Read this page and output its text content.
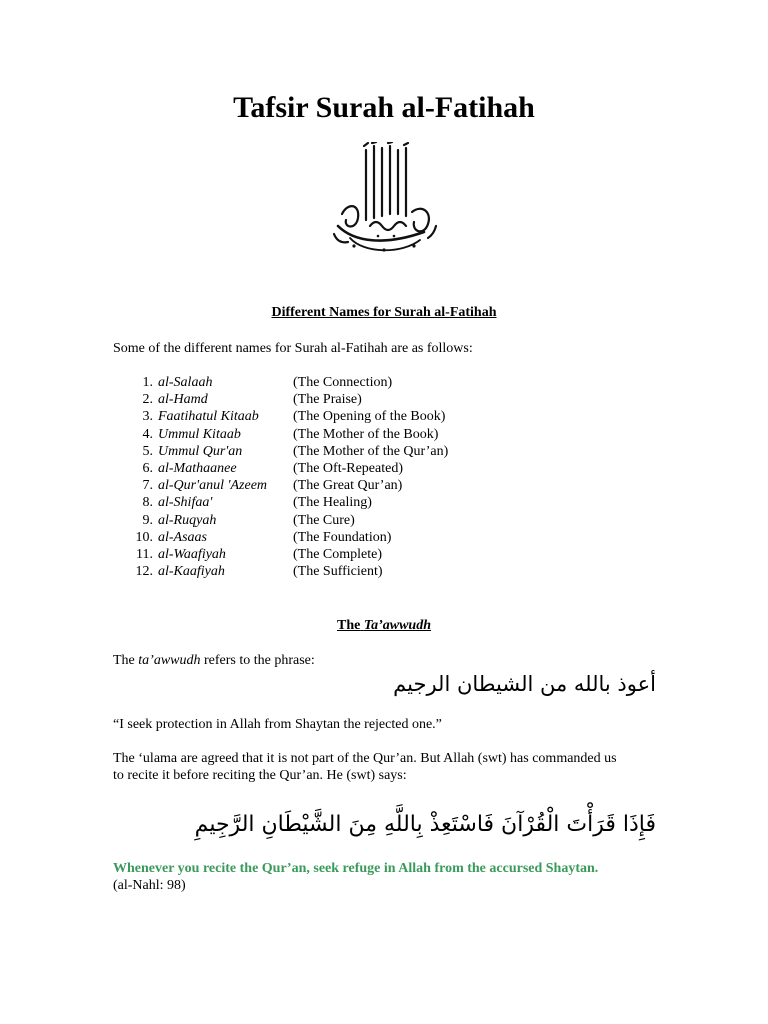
Tafsir Surah al-Fatihah
Different Names for Surah al-Fatihah
Some of the different names for Surah al-Fatihah are as follows:
1. al-Salaah	(The Connection)
2. al-Hamd	(The Praise)
3. Faatihatul Kitaab (The Opening of the Book)
4. Ummul Kitaab	(The Mother of the Book)
5. Ummul Qur'an	(The Mother of the Qur’an)
6. al-Mathaanee	(The Oft-Repeated)
7. al-Qur'anul 'Azeem (The Great Qur’an)
8. al-Shifaa'	(The Healing)
9. al-Ruqyah	(The Cure)
10. al-Asaas	(The Foundation)
11. al-Waafiyah	(The Complete)
12. al-Kaafiyah	(The Sufficient)
The Ta’awwudh
The ta’awwudh refers to the phrase:
أعوذ بالله من الشيطان الرجيم
“I seek protection in Allah from Shaytan the rejected one.”
The ‘ulama are agreed that it is not part of the Qur’an. But Allah (swt) has commanded us
to recite it before reciting the Qur’an. He (swt) says:
فَإِذَا قَرَأْتَ الْقُرْآنَ فَاسْتَعِذْ بِاللَّهِ مِنَ الشَّيْطَانِ الرَّجِيمِ
Whenever you recite the Qur’an, seek refuge in Allah from the accursed Shaytan.
(al-Nahl: 98)
